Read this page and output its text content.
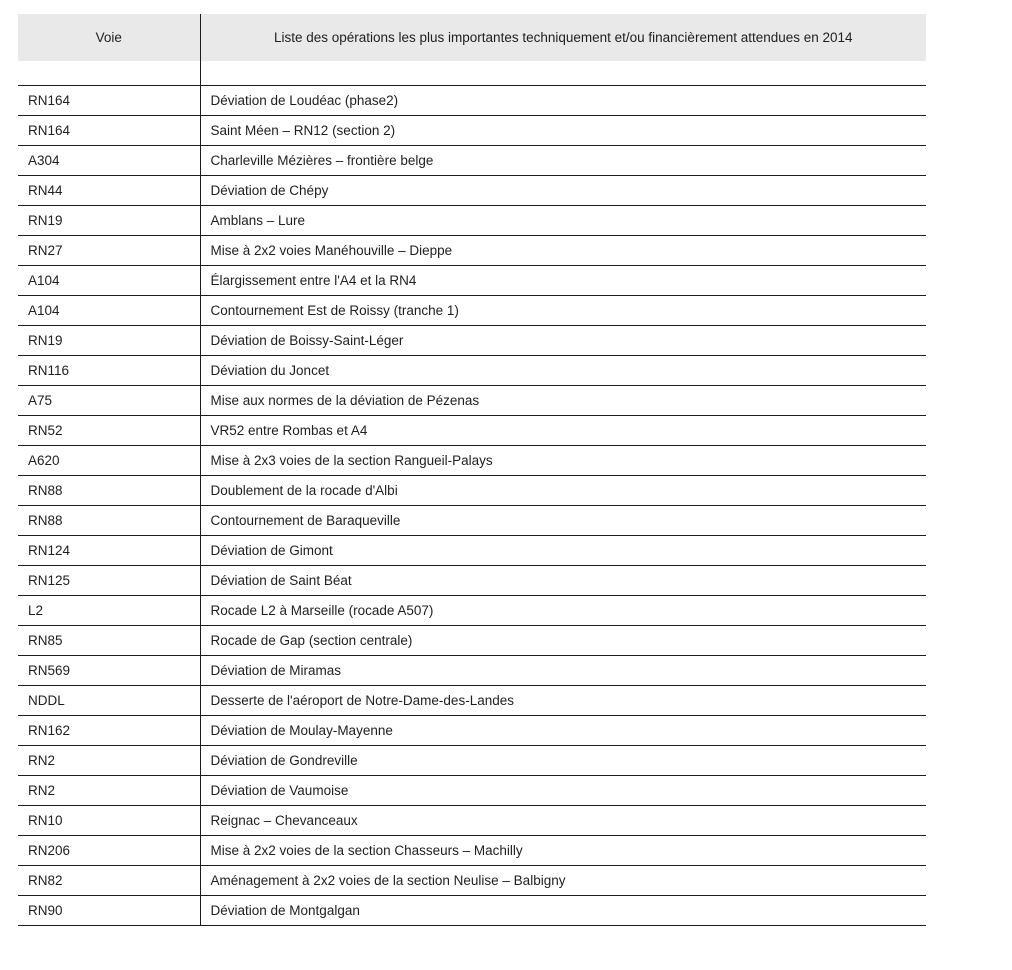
Voie	Liste des opérations les plus importantes techniquement et/ou financièrement attendues en 2014

RN164	Déviation de Loudéac (phase2)
RN164	Saint Méen – RN12 (section 2)
A304	Charleville Mézières – frontière belge
RN44	Déviation de Chépy
RN19	Amblans – Lure
RN27	Mise à 2x2 voies Manéhouville – Dieppe
A104	Élargissement entre l'A4 et la RN4
A104	Contournement Est de Roissy (tranche 1)
RN19	Déviation de Boissy-Saint-Léger
RN116	Déviation du Joncet
A75	Mise aux normes de la déviation de Pézenas
RN52	VR52 entre Rombas et A4
A620	Mise à 2x3 voies de la section Rangueil-Palays
RN88	Doublement de la rocade d'Albi
RN88	Contournement de Baraqueville
RN124	Déviation de Gimont
RN125	Déviation de Saint Béat
L2	Rocade L2 à Marseille (rocade A507)
RN85	Rocade de Gap (section centrale)
RN569	Déviation de Miramas
NDDL	Desserte de l'aéroport de Notre-Dame-des-Landes
RN162	Déviation de Moulay-Mayenne
RN2	Déviation de Gondreville
RN2	Déviation de Vaumoise
RN10	Reignac – Chevanceaux
RN206	Mise à 2x2 voies de la section Chasseurs – Machilly
RN82	Aménagement à 2x2 voies de la section Neulise – Balbigny
RN90	Déviation de Montgalgan
